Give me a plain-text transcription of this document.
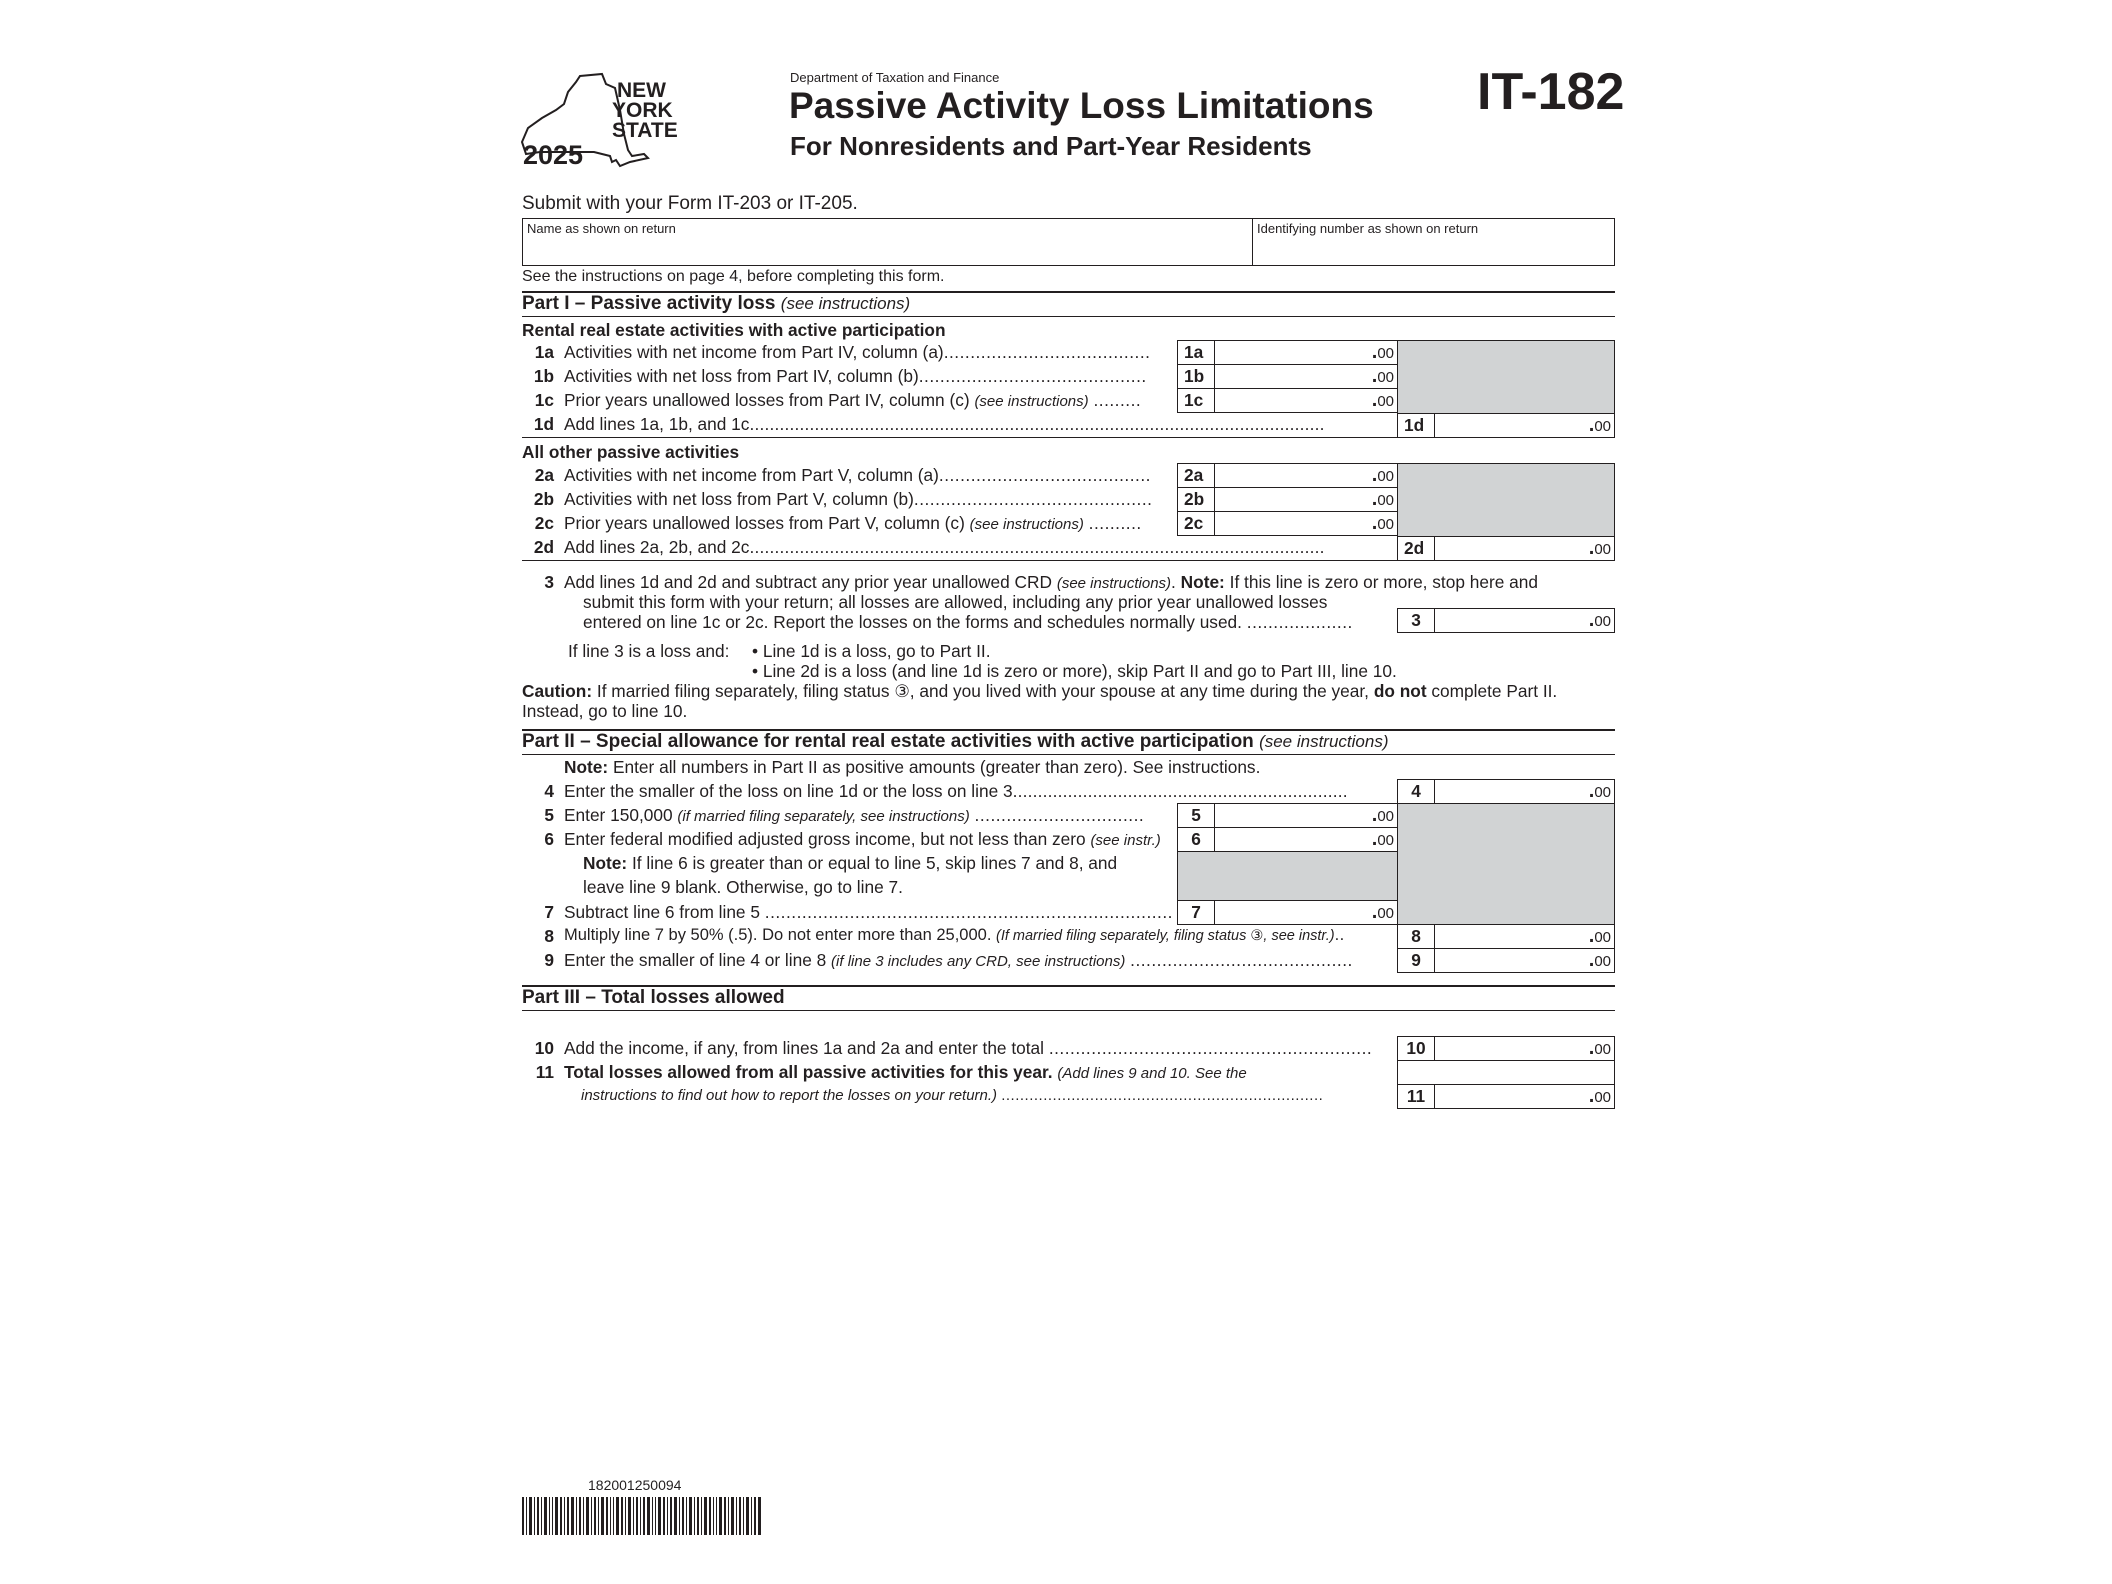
NEW
YORK
STATE
2025
Department of Taxation and Finance
Passive Activity Loss Limitations
For Nonresidents and Part-Year Residents
IT-182
Submit with your Form IT-203 or IT-205.
Name as shown on return	Identifying number as shown on return
See the instructions on page 4, before completing this form.
Part I – Passive activity loss (see instructions)
Rental real estate activities with active participation
1a Activities with net income from Part IV, column (a).......................................	1a	.00
1b Activities with net loss from Part IV, column (b)...........................................	1b	.00
1c Prior years unallowed losses from Part IV, column (c) (see instructions) .........	1c	.00
1d Add lines 1a, 1b, and 1c...................................................................................................................	1d	.00
All other passive activities
2a Activities with net income from Part V, column (a)........................................	2a	.00
2b Activities with net loss from Part V, column (b).............................................	2b	.00
2c Prior years unallowed losses from Part V, column (c) (see instructions) ..........	2c	.00
2d Add lines 2a, 2b, and 2c...................................................................................................................	2d	.00
3 Add lines 1d and 2d and subtract any prior year unallowed CRD (see instructions). Note: If this line is zero or more, stop here and
submit this form with your return; all losses are allowed, including any prior year unallowed losses
entered on line 1c or 2c. Report the losses on the forms and schedules normally used. ....................	3	.00
If line 3 is a loss and: • Line 1d is a loss, go to Part II.
• Line 2d is a loss (and line 1d is zero or more), skip Part II and go to Part III, line 10.
Caution: If married filing separately, filing status ③, and you lived with your spouse at any time during the year, do not complete Part II.
Instead, go to line 10.
Part II – Special allowance for rental real estate activities with active participation (see instructions)
Note: Enter all numbers in Part II as positive amounts (greater than zero). See instructions.
4 Enter the smaller of the loss on line 1d or the loss on line 3...................................................................	4	.00
5 Enter 150,000 (if married filing separately, see instructions) ................................	5	.00
6 Enter federal modified adjusted gross income, but not less than zero (see instr.)	6	.00
Note: If line 6 is greater than or equal to line 5, skip lines 7 and 8, and
leave line 9 blank. Otherwise, go to line 7.
7 Subtract line 6 from line 5 .............................................................................	7	.00
8 Multiply line 7 by 50% (.5). Do not enter more than 25,000. (If married filing separately, filing status ③, see instr.)..	8	.00
9 Enter the smaller of line 4 or line 8 (if line 3 includes any CRD, see instructions) ..........................................	9	.00
Part III – Total losses allowed
10 Add the income, if any, from lines 1a and 2a and enter the total .............................................................	10	.00
11 Total losses allowed from all passive activities for this year. (Add lines 9 and 10. See the
instructions to find out how to report the losses on your return.) .....................................................................	11	.00
182001250094
